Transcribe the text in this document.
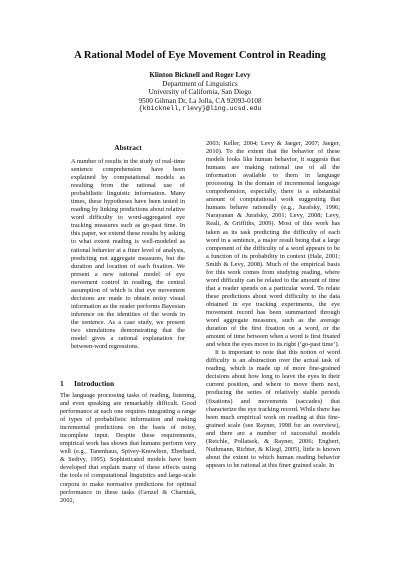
A Rational Model of Eye Movement Control in Reading
Klinton Bicknell and Roger Levy
Department of Linguistics
University of California, San Diego
9500 Gilman Dr, La Jolla, CA 92093-0108
{kbicknell,rlevy}@ling.ucsd.edu
Abstract
A number of results in the study of real-time sentence comprehension have been explained by computational models as resulting from the rational use of probabilistic linguistic information. Many times, these hypotheses have been tested in reading by linking predictions about relative word difficulty to word-aggregated eye tracking measures such as go-past time. In this paper, we extend these results by asking to what extent reading is well-modeled as rational behavior at a finer level of analysis, predicting not aggregate measures, but the duration and location of each fixation. We present a new rational model of eye movement control in reading, the central assumption of which is that eye movement decisions are made to obtain noisy visual information as the reader performs Bayesian inference on the identities of the words in the sentence. As a case study, we present two simulations demonstrating that the model gives a rational explanation for between-word regressions.
1 Introduction
The language processing tasks of reading, listening, and even speaking are remarkably difficult. Good performance at each one requires integrating a range of types of probabilistic information and making incremental predictions on the basis of noisy, incomplete input. Despite these requirements, empirical work has shown that humans perform very well (e.g., Tanenhaus, Spivey-Knowlton, Eberhard, & Sedivy, 1995). Sophisticated models have been developed that explain many of these effects using the tools of computational linguistics and large-scale corpora to make normative predictions for optimal performance in these tasks (Genzel & Charniak, 2002,
2003; Keller, 2004; Levy & Jaeger, 2007; Jaeger, 2010). To the extent that the behavior of these models looks like human behavior, it suggests that humans are making rational use of all the information available to them in language processing. In the domain of incremental language comprehension, especially, there is a substantial amount of computational work suggesting that humans behave rationally (e.g., Jurafsky, 1996; Narayanan & Jurafsky, 2001; Levy, 2008; Levy, Reali, & Griffiths, 2009). Most of this work has taken as its task predicting the difficulty of each word in a sentence, a major result being that a large component of the difficulty of a word appears to be a function of its probability in context (Hale, 2001; Smith & Levy, 2008). Much of the empirical basis for this work comes from studying reading, where word difficulty can be related to the amount of time that a reader spends on a particular word. To relate these predictions about word difficulty to the data obtained in eye tracking experiments, the eye movement record has been summarized through word aggregate measures, such as the average duration of the first fixation on a word, or the amount of time between when a word is first fixated and when the eyes move to its right (‘go-past time’).
It is important to note that this notion of word difficulty is an abstraction over the actual task of reading, which is made up of more fine-grained decisions about how long to leave the eyes in their current position, and where to move them next, producing the series of relatively stable periods (fixations) and movements (saccades) that characterize the eye tracking record. While there has been much empirical work on reading at this fine-grained scale (see Rayner, 1998 for an overview), and there are a number of successful models (Reichle, Pollatsek, & Rayner, 2006; Engbert, Nuthmann, Richter, & Kliegl, 2005), little is known about the extent to which human reading behavior appears to be rational at this finer grained scale. In
